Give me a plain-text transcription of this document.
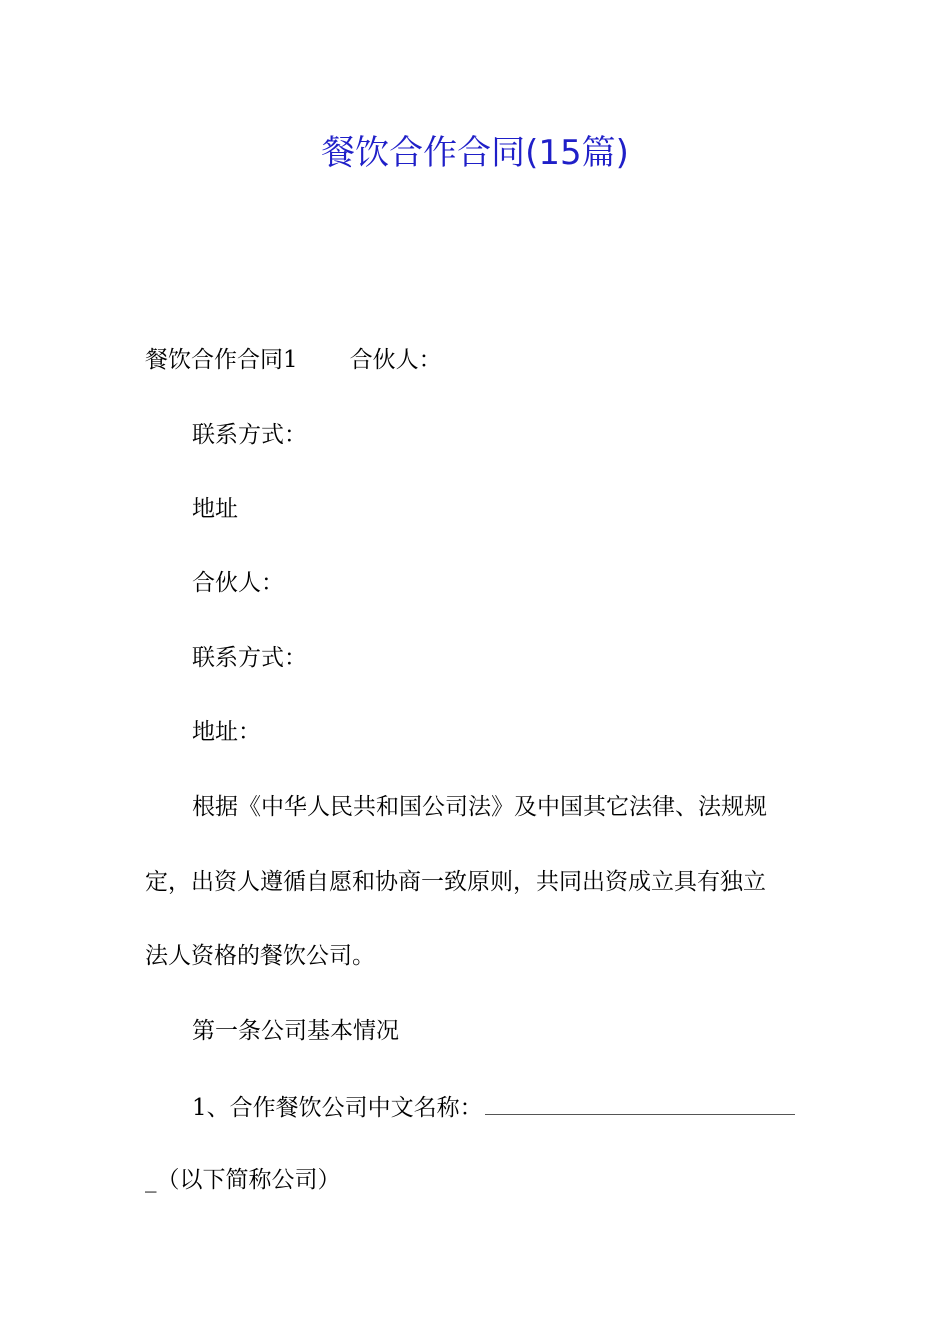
餐饮合作合同(15篇)
餐饮合作合同1 合伙人：
联系方式：
地址
合伙人：
联系方式：
地址：
根据《中华人民共和国公司法》及中国其它法律、法规规
定，出资人遵循自愿和协商一致原则，共同出资成立具有独立
法人资格的餐饮公司。
第一条公司基本情况
1、合作餐饮公司中文名称：
_（以下简称公司）
